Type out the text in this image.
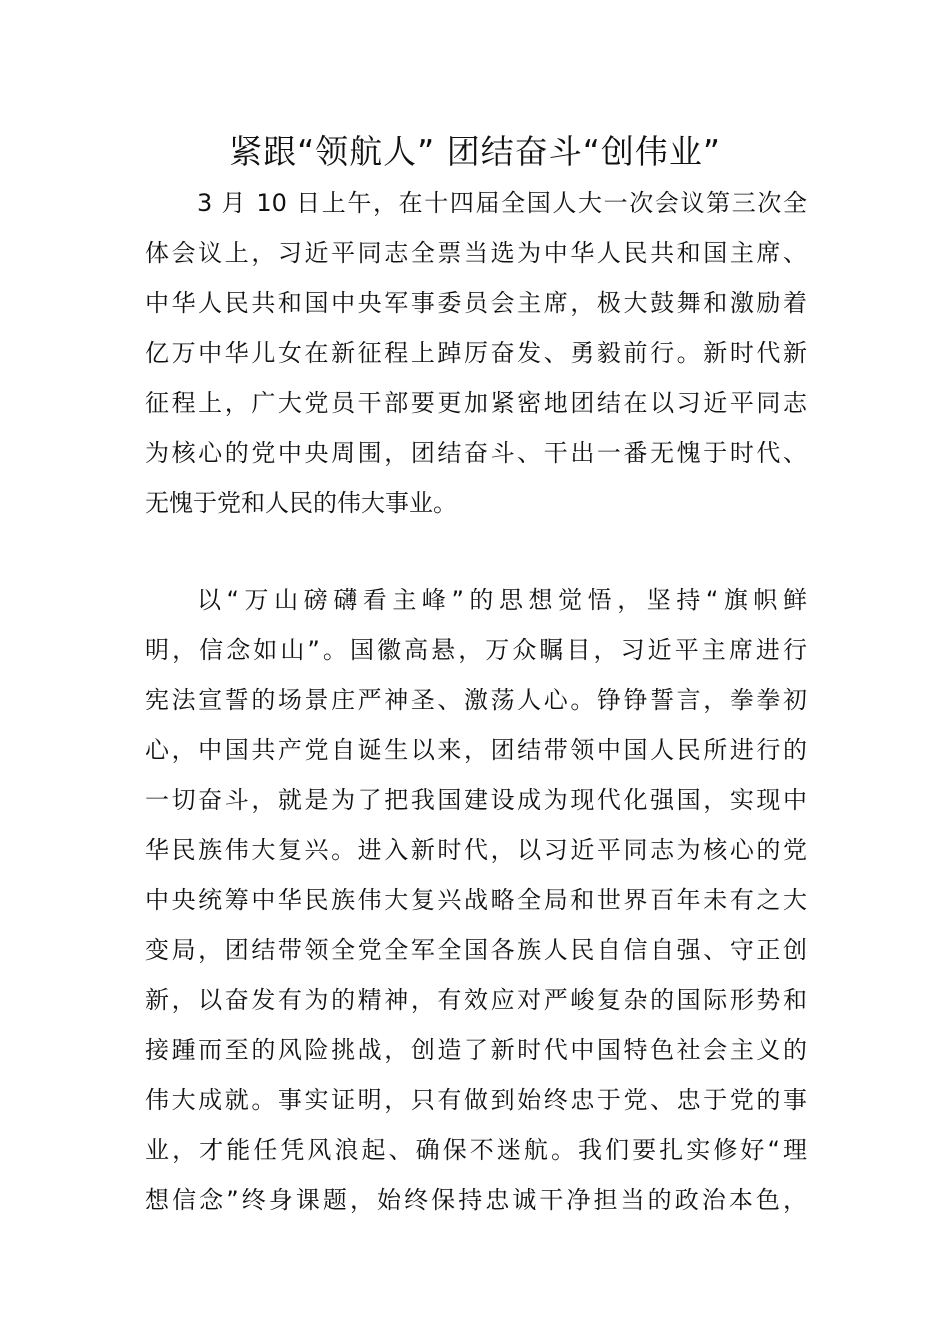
紧跟“领航人” 团结奋斗“创伟业”
3 月 10 日上午，在十四届全国人大一次会议第三次全
体会议上，习近平同志全票当选为中华人民共和国主席、
中华人民共和国中央军事委员会主席，极大鼓舞和激励着
亿万中华儿女在新征程上踔厉奋发、勇毅前行。新时代新
征程上，广大党员干部要更加紧密地团结在以习近平同志
为核心的党中央周围，团结奋斗、干出一番无愧于时代、
无愧于党和人民的伟大事业。
以“万山磅礴看主峰”的思想觉悟，坚持“旗帜鲜
明，信念如山”。国徽高悬，万众瞩目，习近平主席进行
宪法宣誓的场景庄严神圣、激荡人心。铮铮誓言，拳拳初
心，中国共产党自诞生以来，团结带领中国人民所进行的
一切奋斗，就是为了把我国建设成为现代化强国，实现中
华民族伟大复兴。进入新时代，以习近平同志为核心的党
中央统筹中华民族伟大复兴战略全局和世界百年未有之大
变局，团结带领全党全军全国各族人民自信自强、守正创
新，以奋发有为的精神，有效应对严峻复杂的国际形势和
接踵而至的风险挑战，创造了新时代中国特色社会主义的
伟大成就。事实证明，只有做到始终忠于党、忠于党的事
业，才能任凭风浪起、确保不迷航。我们要扎实修好“理
想信念”终身课题，始终保持忠诚干净担当的政治本色，
